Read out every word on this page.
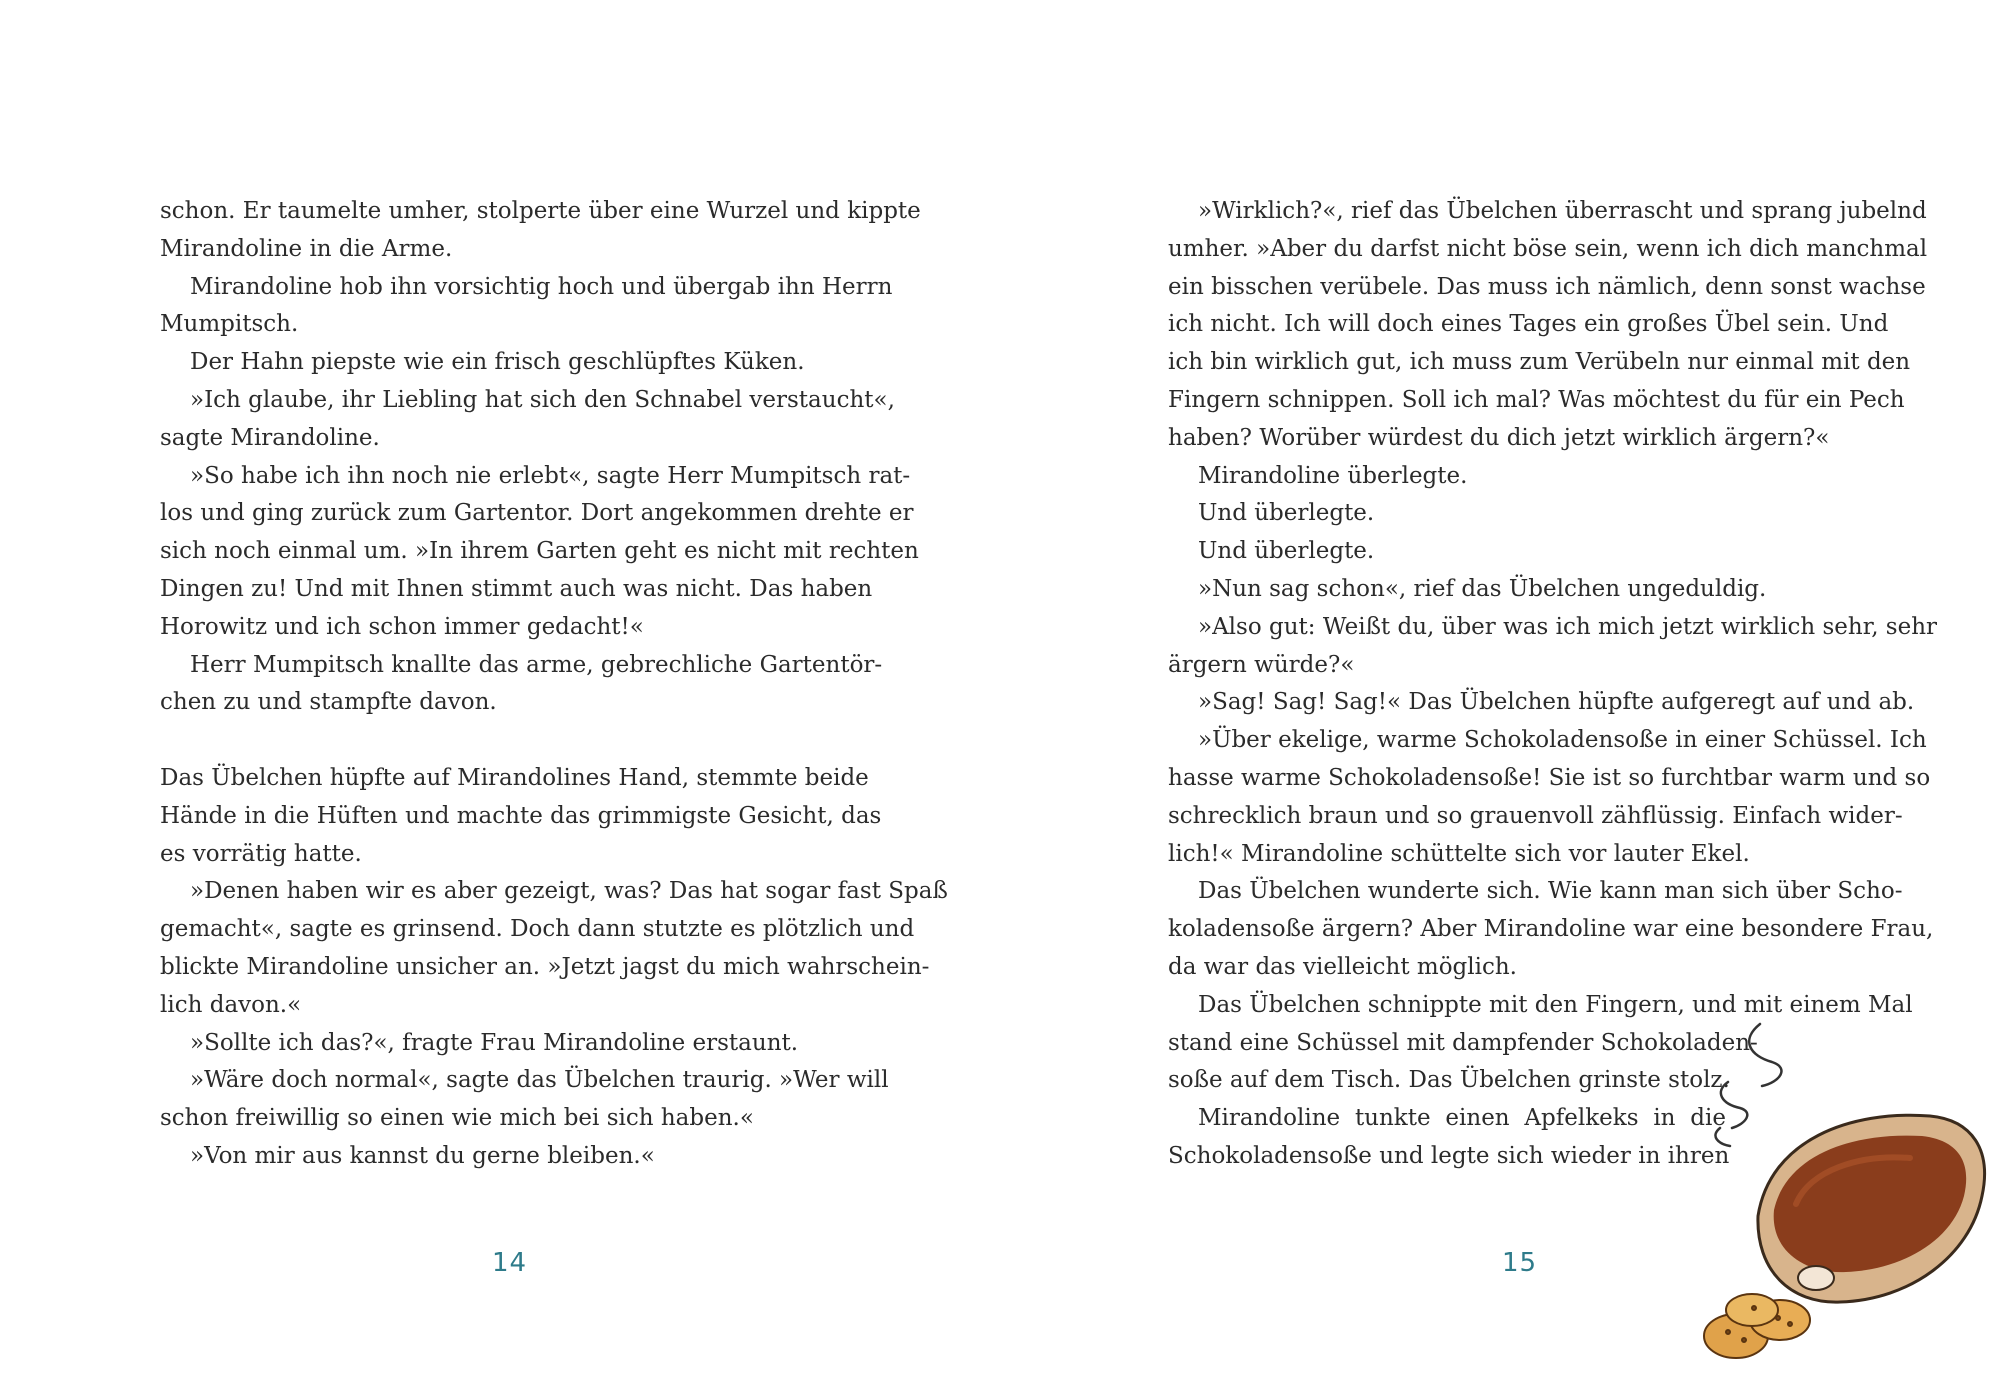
schon. Er taumelte umher, stolperte über eine Wurzel und kippte
Mirandoline in die Arme.
Mirandoline hob ihn vorsichtig hoch und übergab ihn Herrn
Mumpitsch.
Der Hahn piepste wie ein frisch geschlüpftes Küken.
»Ich glaube, ihr Liebling hat sich den Schnabel verstaucht«,
sagte Mirandoline.
»So habe ich ihn noch nie erlebt«, sagte Herr Mumpitsch rat-
los und ging zurück zum Gartentor. Dort angekommen drehte er
sich noch einmal um. »In ihrem Garten geht es nicht mit rechten
Dingen zu! Und mit Ihnen stimmt auch was nicht. Das haben
Horowitz und ich schon immer gedacht!«
Herr Mumpitsch knallte das arme, gebrechliche Gartentör-
chen zu und stampfte davon.
Das Übelchen hüpfte auf Mirandolines Hand, stemmte beide
Hände in die Hüften und machte das grimmigste Gesicht, das
es vorrätig hatte.
»Denen haben wir es aber gezeigt, was? Das hat sogar fast Spaß
gemacht«, sagte es grinsend. Doch dann stutzte es plötzlich und
blickte Mirandoline unsicher an. »Jetzt jagst du mich wahrschein-
lich davon.«
»Sollte ich das?«, fragte Frau Mirandoline erstaunt.
»Wäre doch normal«, sagte das Übelchen traurig. »Wer will
schon freiwillig so einen wie mich bei sich haben.«
»Von mir aus kannst du gerne bleiben.«
14
»Wirklich?«, rief das Übelchen überrascht und sprang jubelnd
umher. »Aber du darfst nicht böse sein, wenn ich dich manchmal
ein bisschen verübele. Das muss ich nämlich, denn sonst wachse
ich nicht. Ich will doch eines Tages ein großes Übel sein. Und
ich bin wirklich gut, ich muss zum Verübeln nur einmal mit den
Fingern schnippen. Soll ich mal? Was möchtest du für ein Pech
haben? Worüber würdest du dich jetzt wirklich ärgern?«
Mirandoline überlegte.
Und überlegte.
Und überlegte.
»Nun sag schon«, rief das Übelchen ungeduldig.
»Also gut: Weißt du, über was ich mich jetzt wirklich sehr, sehr
ärgern würde?«
»Sag! Sag! Sag!« Das Übelchen hüpfte aufgeregt auf und ab.
»Über ekelige, warme Schokoladensoße in einer Schüssel. Ich
hasse warme Schokoladensoße! Sie ist so furchtbar warm und so
schrecklich braun und so grauenvoll zähflüssig. Einfach wider-
lich!« Mirandoline schüttelte sich vor lauter Ekel.
Das Übelchen wunderte sich. Wie kann man sich über Scho-
koladensoße ärgern? Aber Mirandoline war eine besondere Frau,
da war das vielleicht möglich.
Das Übelchen schnippte mit den Fingern, und mit einem Mal
stand eine Schüssel mit dampfender Schokoladen-
soße auf dem Tisch. Das Übelchen grinste stolz.
Mirandoline tunkte einen Apfelkeks in die
Schokoladensoße und legte sich wieder in ihren
15
